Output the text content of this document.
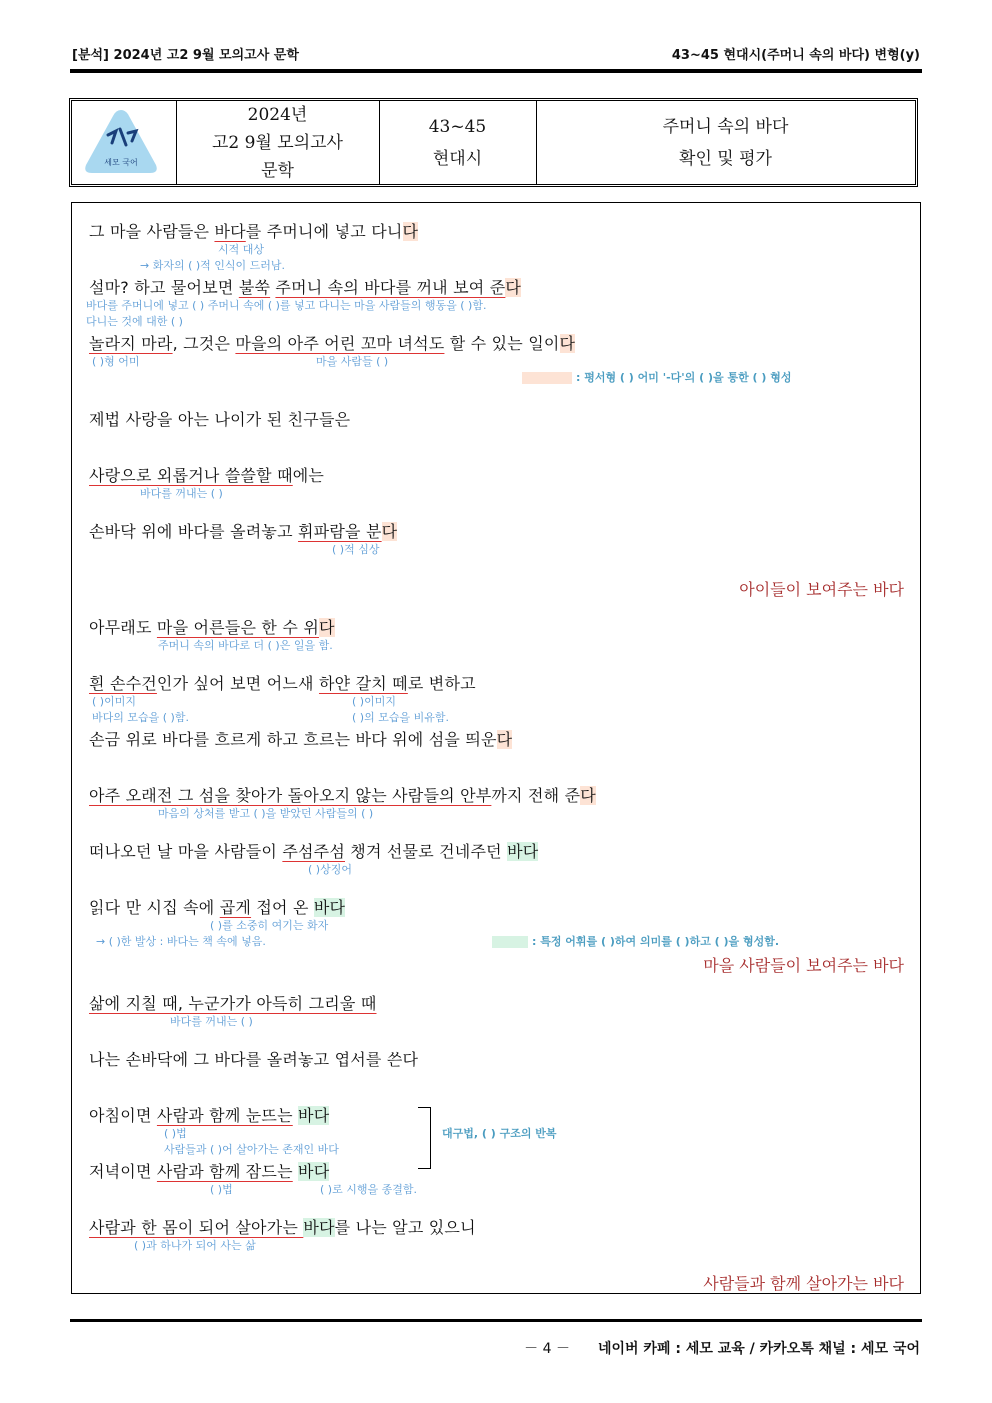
[분석] 2024년 고2 9월 모의고사 문학	43~45 현대시(주머니 속의 바다) 변형(y)
세모 국어
2024년
고2 9월 모의고사
문학
43~45
현대시
주머니 속의 바다
확인 및 평가
그 마을 사람들은 바다를 주머니에 넣고 다니다
시적 대상
→ 화자의 ( )적 인식이 드러남.
설마? 하고 물어보면 불쑥 주머니 속의 바다를 꺼내 보여 준다
바다를 주머니에 넣고 ( ) 주머니 속에 ( )를 넣고 다니는 마을 사람들의 행동을 ( )함.
다니는 것에 대한 ( )
놀라지 마라, 그것은 마을의 아주 어린 꼬마 녀석도 할 수 있는 일이다
( )형 어미	마을 사람들 ( )
: 평서형 ( ) 어미 '-다'의 ( )을 통한 ( ) 형성
제법 사랑을 아는 나이가 된 친구들은
사랑으로 외롭거나 쓸쓸할 때에는
바다를 꺼내는 ( )
손바닥 위에 바다를 올려놓고 휘파람을 분다
( )적 심상
아이들이 보여주는 바다
아무래도 마을 어른들은 한 수 위다
주머니 속의 바다로 더 ( )은 일을 함.
흰 손수건인가 싶어 보면 어느새 하얀 갈치 떼로 변하고
( )이미지	( )이미지
바다의 모습을 ( )함.	( )의 모습을 비유함.
손금 위로 바다를 흐르게 하고 흐르는 바다 위에 섬을 띄운다
아주 오래전 그 섬을 찾아가 돌아오지 않는 사람들의 안부까지 전해 준다
마음의 상처를 받고 ( )을 받았던 사람들의 ( )
떠나오던 날 마을 사람들이 주섬주섬 챙겨 선물로 건네주던 바다
( )상징어
읽다 만 시집 속에 곱게 접어 온 바다
( )를 소중히 여기는 화자
→ ( )한 발상 : 바다는 책 속에 넣음.	: 특정 어휘를 ( )하여 의미를 ( )하고 ( )을 형성함.
마을 사람들이 보여주는 바다
삶에 지칠 때, 누군가가 아득히 그리울 때
바다를 꺼내는 ( )
나는 손바닥에 그 바다를 올려놓고 엽서를 쓴다
아침이면 사람과 함께 눈뜨는 바다
( )법
사람들과 ( )어 살아가는 존재인 바다
대구법, ( ) 구조의 반복
저녁이면 사람과 함께 잠드는 바다
( )법	( )로 시행을 종결함.
사람과 한 몸이 되어 살아가는 바다를 나는 알고 있으니
( )과 하나가 되어 사는 삶
사람들과 함께 살아가는 바다
－ 4 － 네이버 카페 : 세모 교육 / 카카오톡 채널 : 세모 국어
